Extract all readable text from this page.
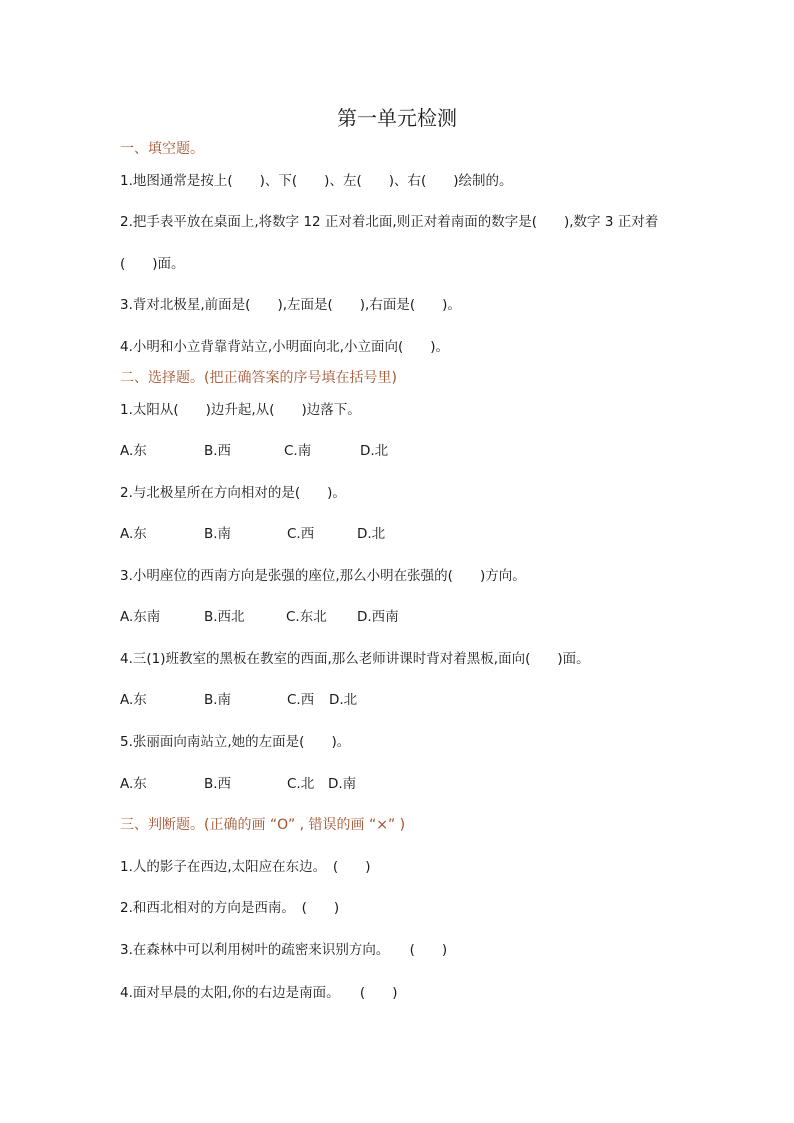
第一单元检测
一、填空题。
1.地图通常是按上(　　)、下(　　)、左(　　)、右(　　)绘制的。
2.把手表平放在桌面上,将数字 12 正对着北面,则正对着南面的数字是(　　),数字 3 正对着
(　　)面。
3.背对北极星,前面是(　　),左面是(　　),右面是(　　)。
4.小明和小立背靠背站立,小明面向北,小立面向(　　)。
二、选择题。(把正确答案的序号填在括号里)
1.太阳从(　　)边升起,从(　　)边落下。
A.东	B.西	C.南	D.北
2.与北极星所在方向相对的是(　　)。
A.东	B.南	C.西	D.北
3.小明座位的西南方向是张强的座位,那么小明在张强的(　　)方向。
A.东南	B.西北	C.东北 D.西南
4.三(1)班教室的黑板在教室的西面,那么老师讲课时背对着黑板,面向(　　)面。
A.东	B.南	C.西 D.北
5.张丽面向南站立,她的左面是(　　)。
A.东	B.西	C.北 D.南
三、判断题。(正确的画 “O” , 错误的画 “×” )
1.人的影子在西边,太阳应在东边。　(　　)
2.和西北相对的方向是西南。　(　　)
3.在森林中可以利用树叶的疏密来识别方向。　　(　　)
4.面对早晨的太阳,你的右边是南面。　　(　　)
